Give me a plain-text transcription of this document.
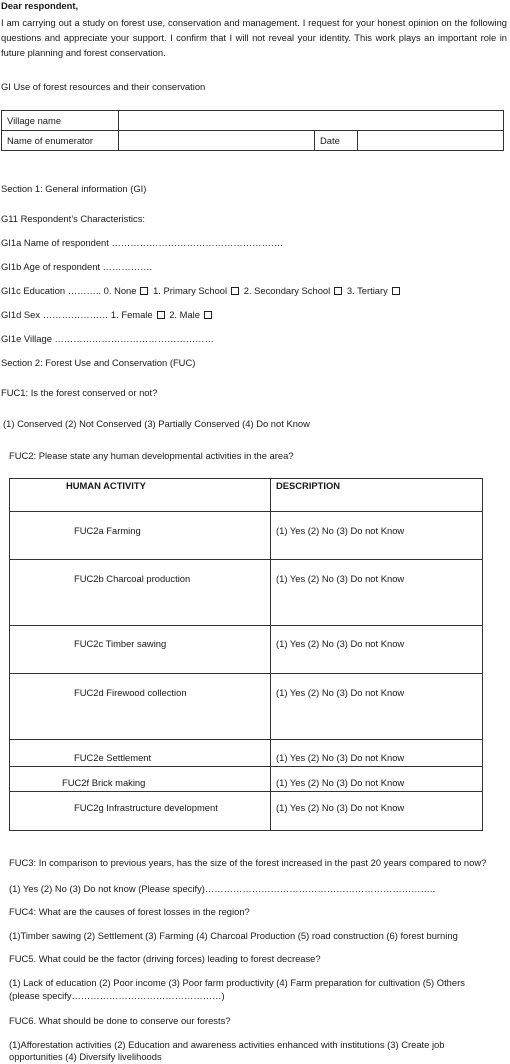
Dear respondent,
I am carrying out a study on forest use, conservation and management. I request for your honest opinion on the following questions and appreciate your support. I confirm that I will not reveal your identity. This work plays an important role in future planning and forest conservation.
GI Use of forest resources and their conservation
Village name			
Name of enumerator		Date	
Section 1: General information (GI)
G11 Respondent’s Characteristics:
GI1a Name of respondent ……………………………………………….
GI1b Age of respondent …………….
GI1c Education ……….. 0. None 1. Primary School 2. Secondary School 3. Tertiary
GI1d Sex ………………… 1. Female 2. Male
GI1e Village ……………………………………………
Section 2: Forest Use and Conservation (FUC)
FUC1: Is the forest conserved or not?
(1) Conserved (2) Not Conserved (3) Partially Conserved (4) Do not Know
FUC2: Please state any human developmental activities in the area?
HUMAN ACTIVITY	DESCRIPTION
FUC2a Farming	(1) Yes (2) No (3) Do not Know
FUC2b Charcoal production	(1) Yes (2) No (3) Do not Know
FUC2c Timber sawing	(1) Yes (2) No (3) Do not Know
FUC2d Firewood collection	(1) Yes (2) No (3) Do not Know
FUC2e Settlement	(1) Yes (2) No (3) Do not Know
FUC2f Brick making	(1) Yes (2) No (3) Do not Know
FUC2g Infrastructure development	(1) Yes (2) No (3) Do not Know
FUC3: In comparison to previous years, has the size of the forest increased in the past 20 years compared to now?
(1) Yes (2) No (3) Do not know (Please specify)………………………………………………………………..
FUC4: What are the causes of forest losses in the region?
(1)Timber sawing (2) Settlement (3) Farming (4) Charcoal Production (5) road construction (6) forest burning
FUC5. What could be the factor (driving forces) leading to forest decrease?
(1) Lack of education (2) Poor income (3) Poor farm productivity (4) Farm preparation for cultivation (5) Others
(please specify…………………………………………)
FUC6. What should be done to conserve our forests?
(1)Afforestation activities (2) Education and awareness activities enhanced with institutions (3) Create job
opportunities (4) Diversify livelihoods
